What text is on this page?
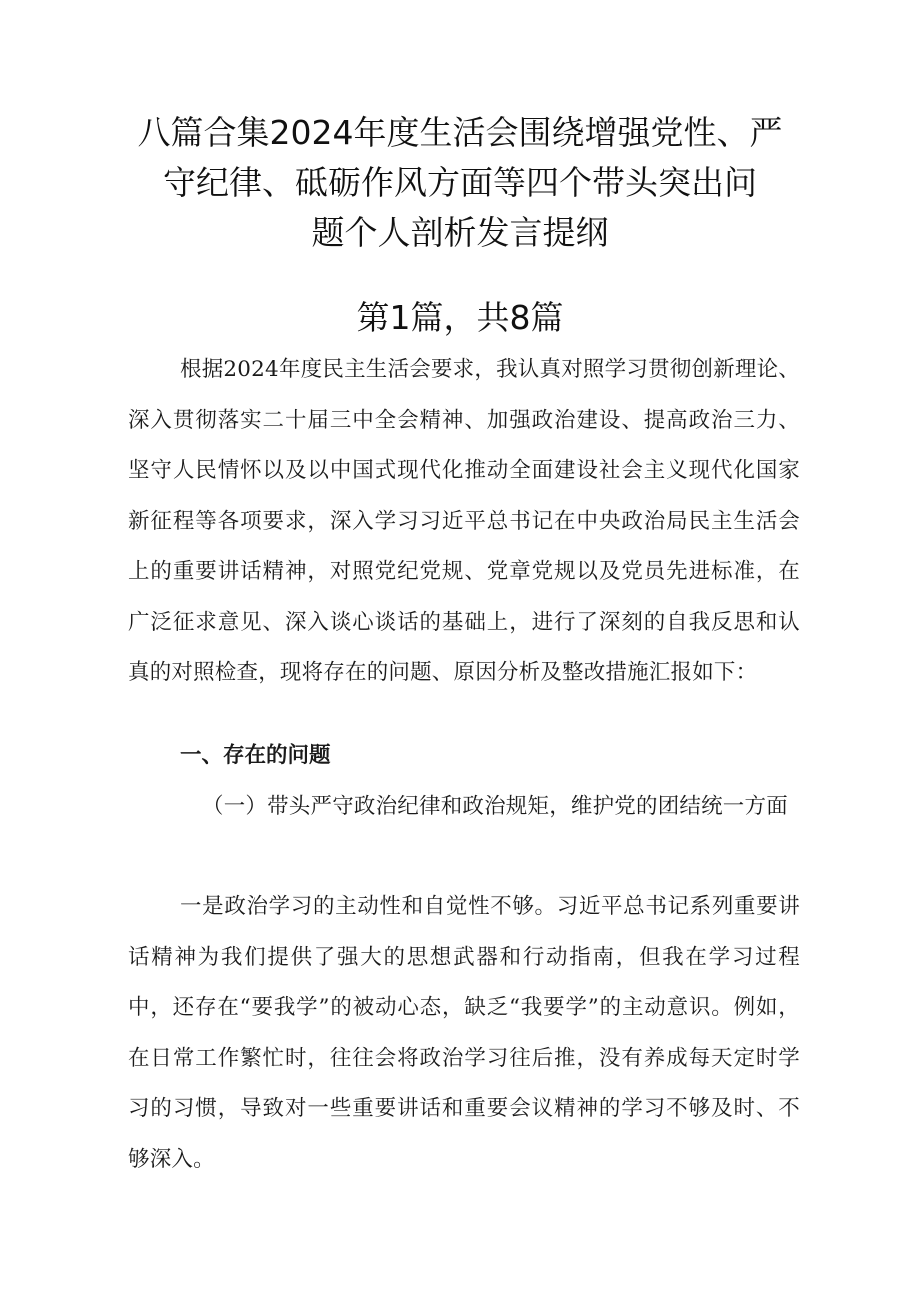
八篇合集2024年度生活会围绕增强党性、严
守纪律、砥砺作风方面等四个带头突出问
题个人剖析发言提纲
第1篇，共8篇
根据2024年度民主生活会要求，我认真对照学习贯彻创新理论、深入贯彻落实二十届三中全会精神、加强政治建设、提高政治三力、坚守人民情怀以及以中国式现代化推动全面建设社会主义现代化国家新征程等各项要求，深入学习习近平总书记在中央政治局民主生活会上的重要讲话精神，对照党纪党规、党章党规以及党员先进标准，在广泛征求意见、深入谈心谈话的基础上，进行了深刻的自我反思和认真的对照检查，现将存在的问题、原因分析及整改措施汇报如下：
一、存在的问题
（一）带头严守政治纪律和政治规矩，维护党的团结统一方面
一是政治学习的主动性和自觉性不够。习近平总书记系列重要讲话精神为我们提供了强大的思想武器和行动指南，但我在学习过程中，还存在“要我学”的被动心态，缺乏“我要学”的主动意识。例如，在日常工作繁忙时，往往会将政治学习往后推，没有养成每天定时学习的习惯，导致对一些重要讲话和重要会议精神的学习不够及时、不够深入。
